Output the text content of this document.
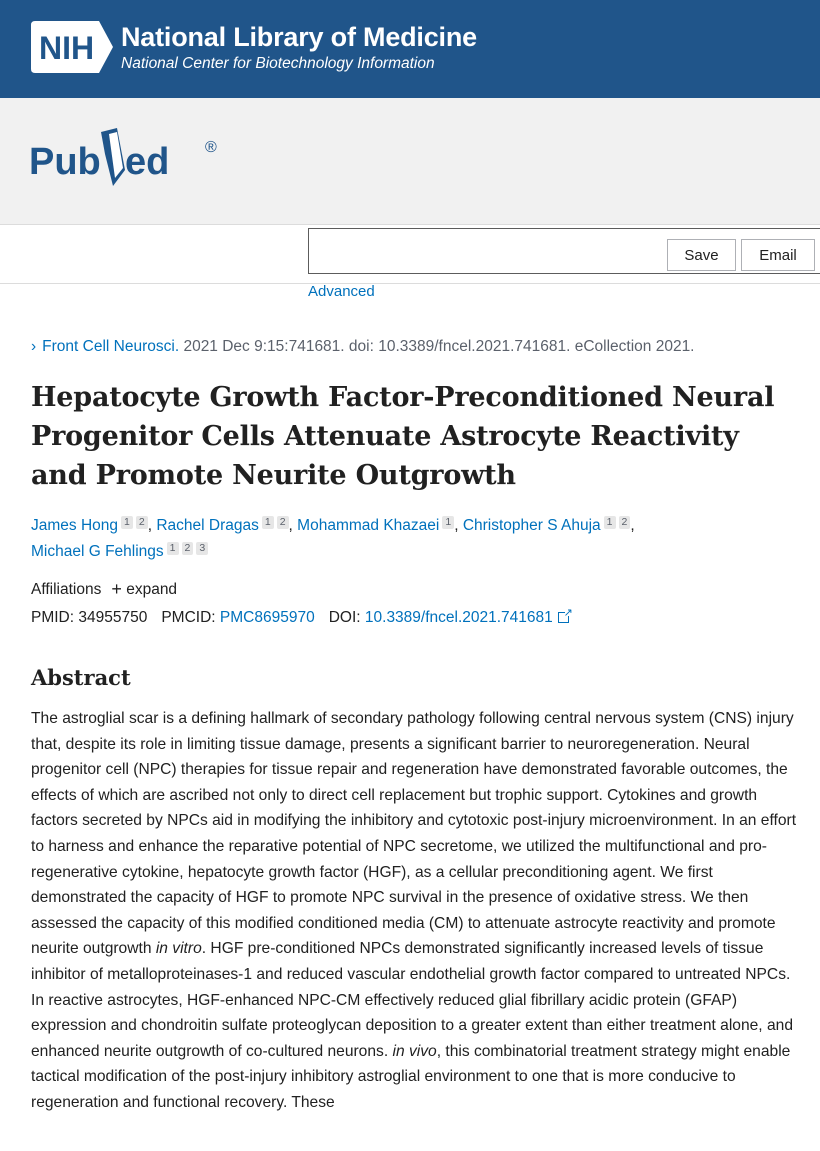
NIH National Library of Medicine
National Center for Biotechnology Information
Advanced
Pub ed ®
Save	Email
› Front Cell Neurosci. 2021 Dec 9:15:741681. doi: 10.3389/fncel.2021.741681. eCollection 2021.
Hepatocyte Growth Factor-Preconditioned Neural Progenitor Cells Attenuate Astrocyte Reactivity and Promote Neurite Outgrowth
James Hong 1 2 , Rachel Dragas 1 2 , Mohammad Khazaei 1 , Christopher S Ahuja 1 2 ,
Michael G Fehlings 1 2 3
Affiliations + expand
PMID: 34955750 PMCID: PMC8695970 DOI: 10.3389/fncel.2021.741681↗
Abstract
The astroglial scar is a defining hallmark of secondary pathology following central nervous system (CNS) injury that, despite its role in limiting tissue damage, presents a significant barrier to neuroregeneration. Neural progenitor cell (NPC) therapies for tissue repair and regeneration have demonstrated favorable outcomes, the effects of which are ascribed not only to direct cell replacement but trophic support. Cytokines and growth factors secreted by NPCs aid in modifying the inhibitory and cytotoxic post-injury microenvironment. In an effort to harness and enhance the reparative potential of NPC secretome, we utilized the multifunctional and pro-regenerative cytokine, hepatocyte growth factor (HGF), as a cellular preconditioning agent. We first demonstrated the capacity of HGF to promote NPC survival in the presence of oxidative stress. We then assessed the capacity of this modified conditioned media (CM) to attenuate astrocyte reactivity and promote neurite outgrowth in vitro. HGF pre-conditioned NPCs demonstrated significantly increased levels of tissue inhibitor of metalloproteinases-1 and reduced vascular endothelial growth factor compared to untreated NPCs. In reactive astrocytes, HGF-enhanced NPC-CM effectively reduced glial fibrillary acidic protein (GFAP) expression and chondroitin sulfate proteoglycan deposition to a greater extent than either treatment alone, and enhanced neurite outgrowth of co-cultured neurons. in vivo, this combinatorial treatment strategy might enable tactical modification of the post-injury inhibitory astroglial environment to one that is more conducive to regeneration and functional recovery. These
